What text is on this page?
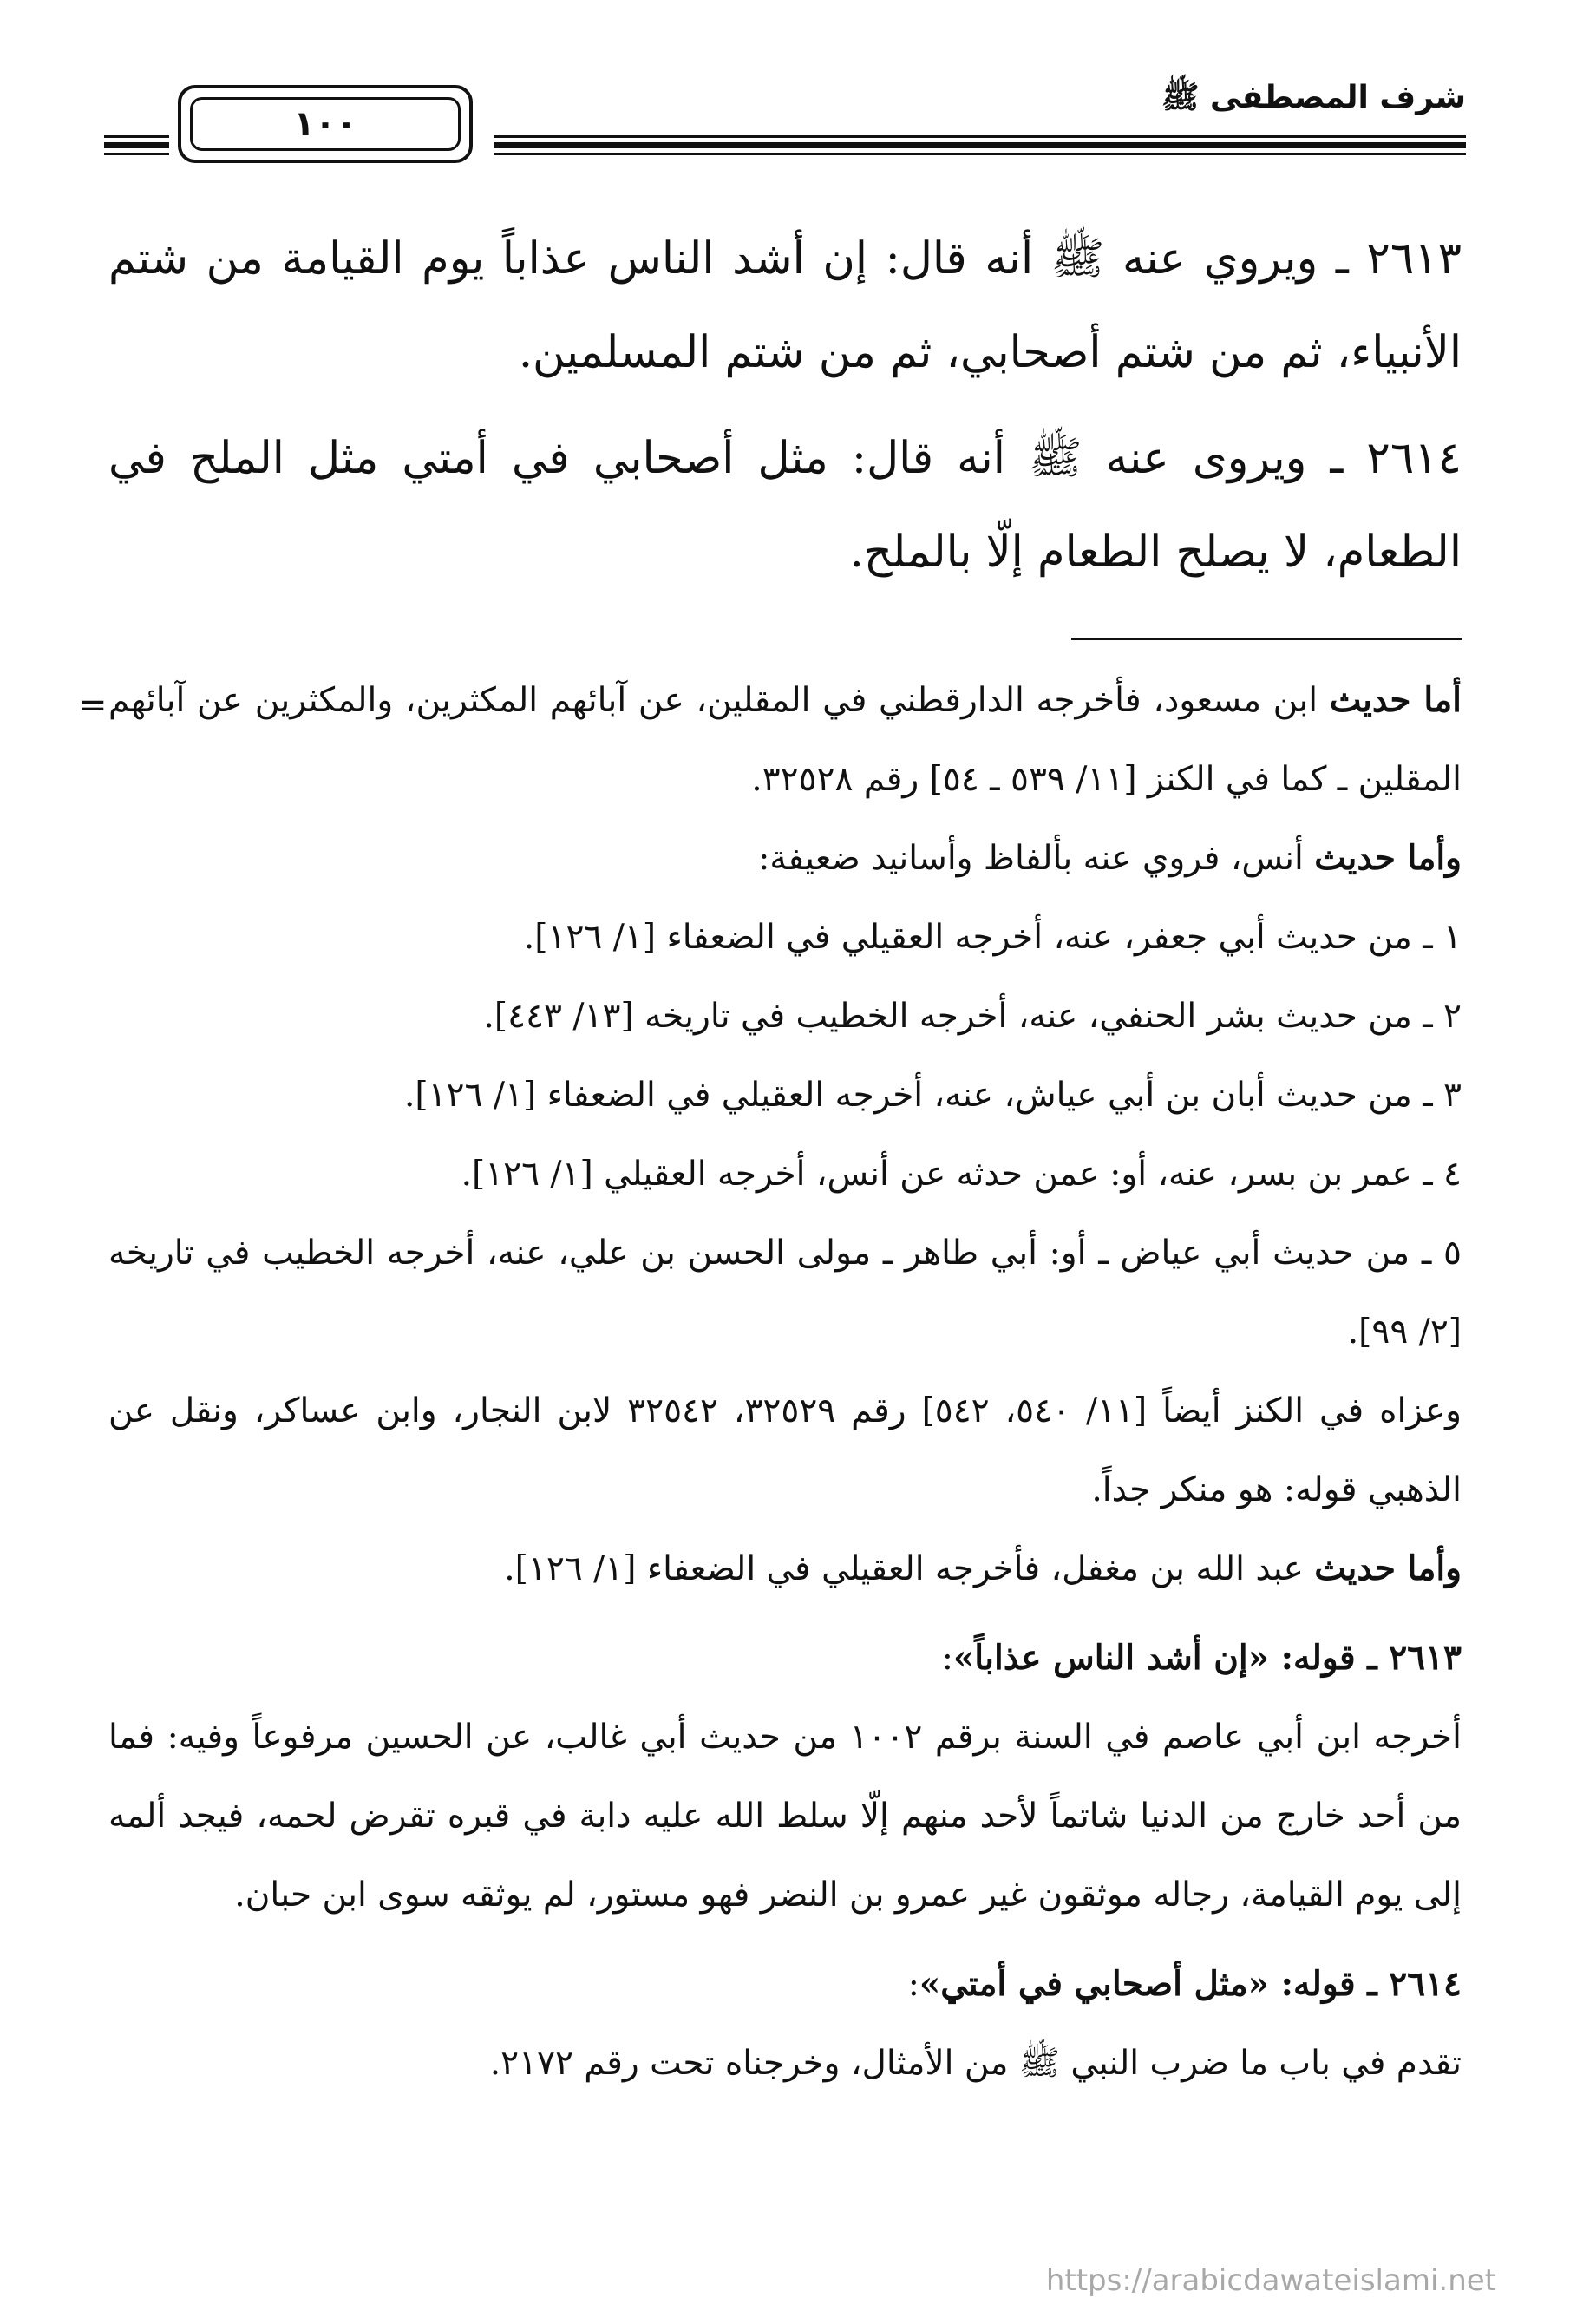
شرف المصطفى ﷺ
١٠٠

٢٦١٣ ـ ويروي عنه ﷺ أنه قال: إن أشد الناس عذاباً يوم القيامة من شتم الأنبياء، ثم من شتم أصحابي، ثم من شتم المسلمين.

٢٦١٤ ـ ويروى عنه ﷺ أنه قال: مثل أصحابي في أمتي مثل الملح في الطعام، لا يصلح الطعام إلّا بالملح.

=	أما حديث ابن مسعود، فأخرجه الدارقطني في المقلين، عن آبائهم المكثرين، والمكثرين عن آبائهم المقلين ـ كما في الكنز [١١/ ٥٣٩ ـ ٥٤] رقم ٣٢٥٢٨.

وأما حديث أنس، فروي عنه بألفاظ وأسانيد ضعيفة:

١ ـ من حديث أبي جعفر، عنه، أخرجه العقيلي في الضعفاء [١/ ١٢٦].

٢ ـ من حديث بشر الحنفي، عنه، أخرجه الخطيب في تاريخه [١٣/ ٤٤٣].

٣ ـ من حديث أبان بن أبي عياش، عنه، أخرجه العقيلي في الضعفاء [١/ ١٢٦].

٤ ـ عمر بن بسر، عنه، أو: عمن حدثه عن أنس، أخرجه العقيلي [١/ ١٢٦].

٥ ـ من حديث أبي عياض ـ أو: أبي طاهر ـ مولى الحسن بن علي، عنه، أخرجه الخطيب في تاريخه [٢/ ٩٩].

وعزاه في الكنز أيضاً [١١/ ٥٤٠، ٥٤٢] رقم ٣٢٥٢٩، ٣٢٥٤٢ لابن النجار، وابن عساكر، ونقل عن الذهبي قوله: هو منكر جداً.

وأما حديث عبد الله بن مغفل، فأخرجه العقيلي في الضعفاء [١/ ١٢٦].

٢٦١٣ ـ قوله: «إن أشد الناس عذاباً»:

أخرجه ابن أبي عاصم في السنة برقم ١٠٠٢ من حديث أبي غالب، عن الحسين مرفوعاً وفيه: فما من أحد خارج من الدنيا شاتماً لأحد منهم إلّا سلط الله عليه دابة في قبره تقرض لحمه، فيجد ألمه إلى يوم القيامة، رجاله موثقون غير عمرو بن النضر فهو مستور، لم يوثقه سوى ابن حبان.

٢٦١٤ ـ قوله: «مثل أصحابي في أمتي»:

تقدم في باب ما ضرب النبي ﷺ من الأمثال، وخرجناه تحت رقم ٢١٧٢.

https://arabicdawateislami.net
